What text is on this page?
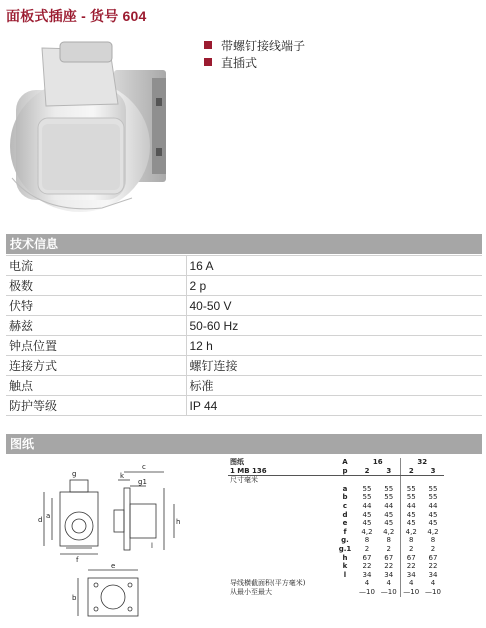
面板式插座 - 货号 604
带螺钉接线端子
直插式
技术信息
电流	16 A
极数	2 p
伏特	40-50 V
赫兹	50-60 Hz
钟点位置	12 h
连接方式	螺钉连接
触点	标准
防护等级	IP 44
图纸
c
k
g1
g
d a
f
h
e
b
l
图纸	A	16		32	
1 MB 136	p	2	3	2	3
尺寸毫米					
	a	55	55	55	55
	b	55	55	55	55
	c	44	44	44	44
	d	45	45	45	45
	e	45	45	45	45
	f	4,2	4,2	4,2	4,2
	g.	8	8	8	8
	g.1	2	2	2	2
	h	67	67	67	67
	k	22	22	22	22
	l	34	34	34	34
导线横截面积(平方毫米)		4	4	4	4
从最小至最大		—10	—10	—10	—10
